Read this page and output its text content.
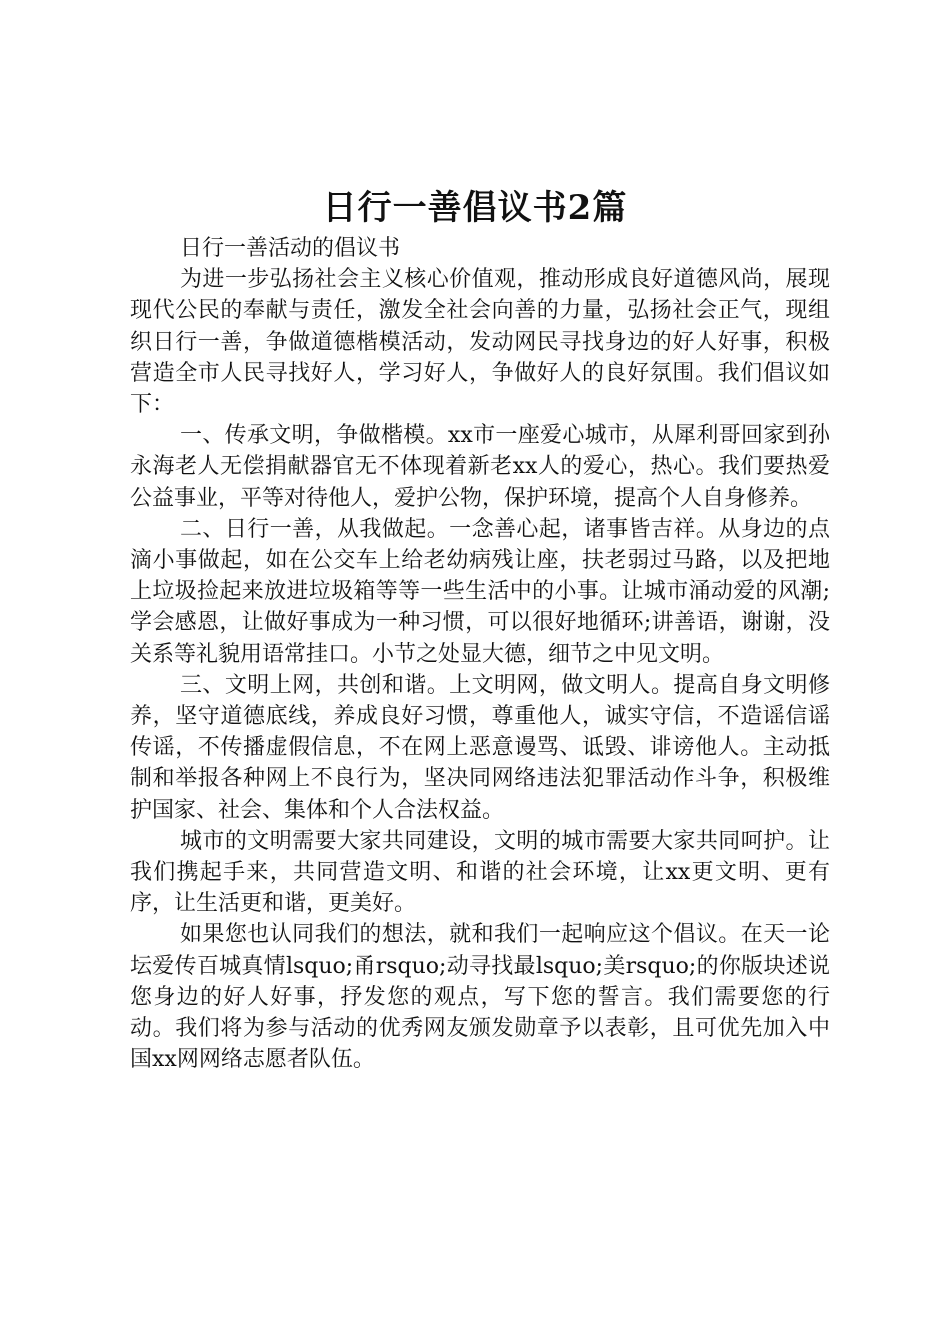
日行一善倡议书2篇

日行一善活动的倡议书

为进一步弘扬社会主义核心价值观，推动形成良好道德风尚，展现现代公民的奉献与责任，激发全社会向善的力量，弘扬社会正气，现组织日行一善，争做道德楷模活动，发动网民寻找身边的好人好事，积极营造全市人民寻找好人，学习好人，争做好人的良好氛围。我们倡议如下：

一、传承文明，争做楷模。xx市一座爱心城市，从犀利哥回家到孙永海老人无偿捐献器官无不体现着新老xx人的爱心，热心。我们要热爱公益事业，平等对待他人，爱护公物，保护环境，提高个人自身修养。

二、日行一善，从我做起。一念善心起，诸事皆吉祥。从身边的点滴小事做起，如在公交车上给老幼病残让座，扶老弱过马路，以及把地上垃圾捡起来放进垃圾箱等等一些生活中的小事。让城市涌动爱的风潮;学会感恩，让做好事成为一种习惯，可以很好地循环;讲善语，谢谢，没关系等礼貌用语常挂口。小节之处显大德，细节之中见文明。

三、文明上网，共创和谐。上文明网，做文明人。提高自身文明修养，坚守道德底线，养成良好习惯，尊重他人，诚实守信，不造谣信谣传谣，不传播虚假信息，不在网上恶意谩骂、诋毁、诽谤他人。主动抵制和举报各种网上不良行为，坚决同网络违法犯罪活动作斗争，积极维护国家、社会、集体和个人合法权益。

城市的文明需要大家共同建设，文明的城市需要大家共同呵护。让我们携起手来，共同营造文明、和谐的社会环境，让xx更文明、更有序，让生活更和谐，更美好。

如果您也认同我们的想法，就和我们一起响应这个倡议。在天一论坛爱传百城真情lsquo;甬rsquo;动寻找最lsquo;美rsquo;的你版块述说您身边的好人好事，抒发您的观点，写下您的誓言。我们需要您的行动。我们将为参与活动的优秀网友颁发勋章予以表彰，且可优先加入中国xx网网络志愿者队伍。
